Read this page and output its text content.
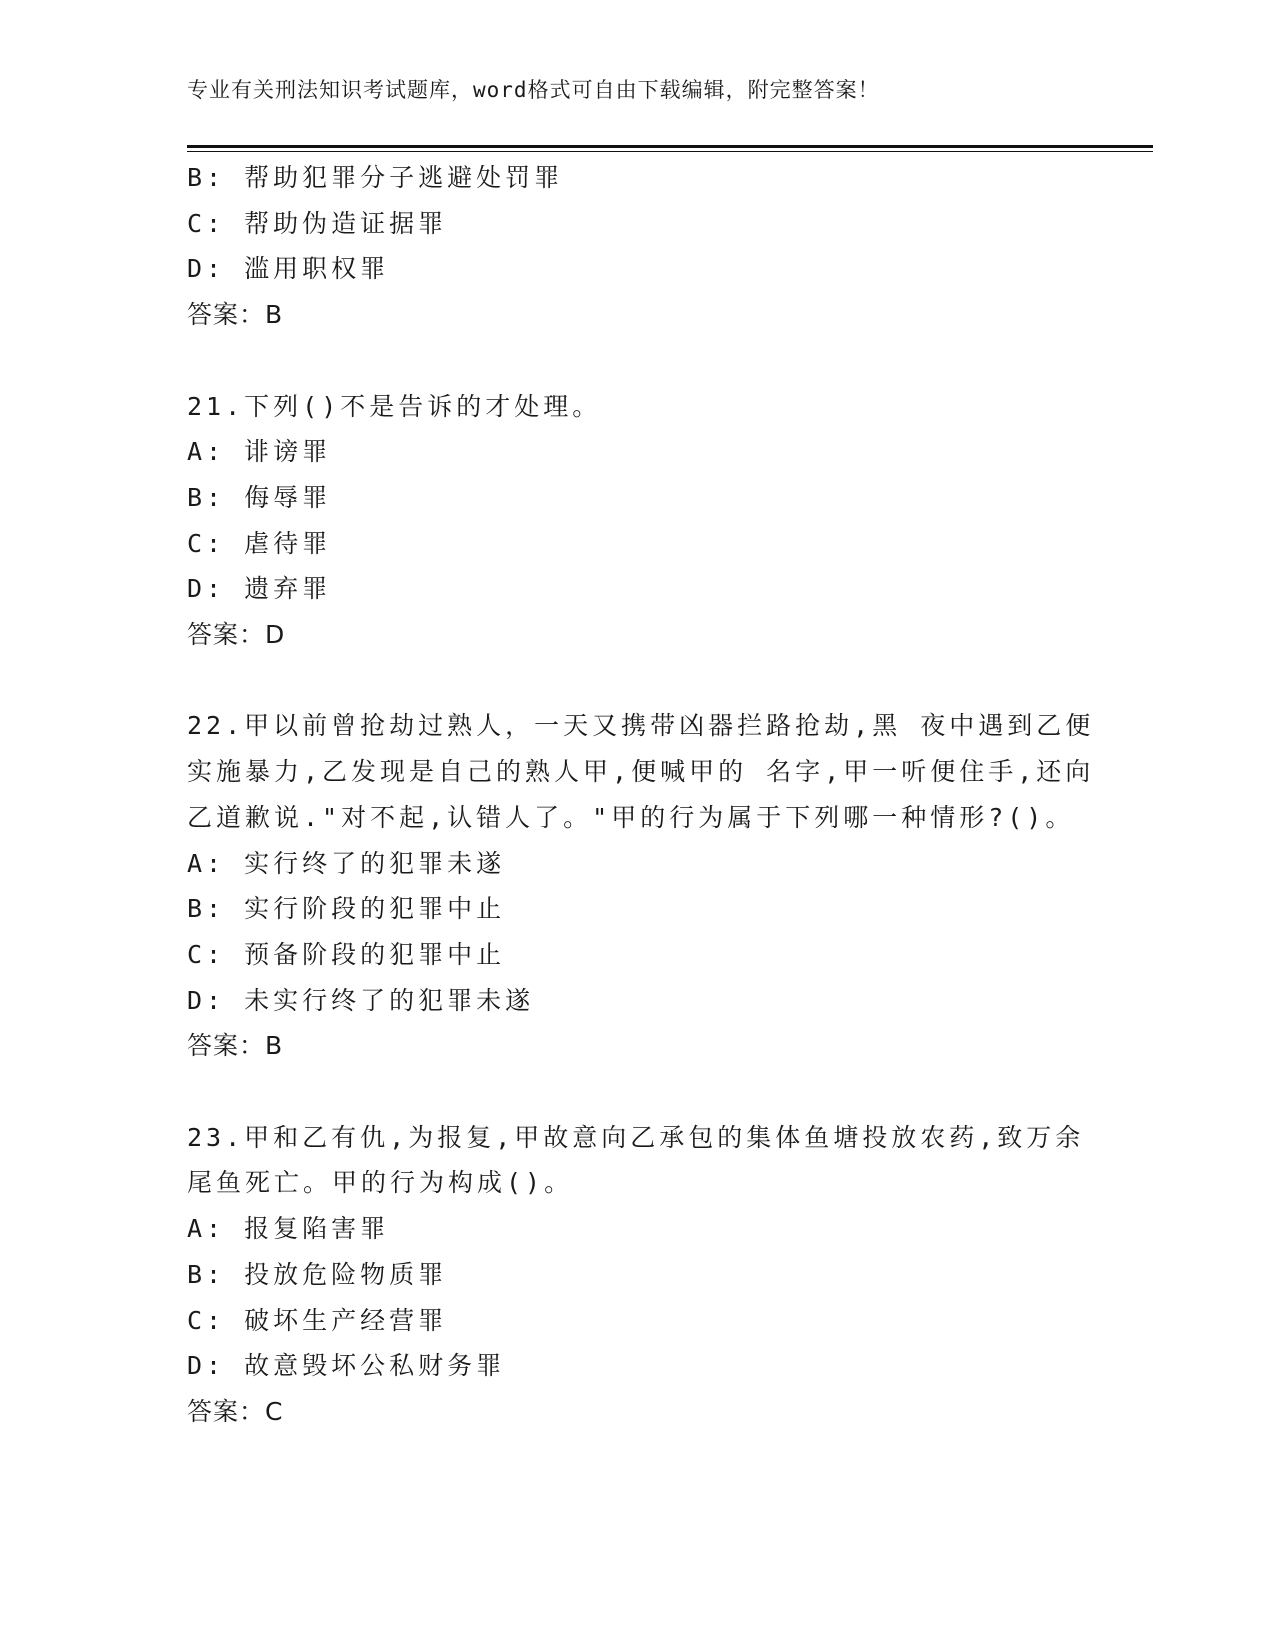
专业有关刑法知识考试题库，word格式可自由下载编辑，附完整答案！
B: 帮助犯罪分子逃避处罚罪
C: 帮助伪造证据罪
D: 滥用职权罪
答案：B
21.下列()不是告诉的才处理。
A: 诽谤罪
B: 侮辱罪
C: 虐待罪
D: 遗弃罪
答案：D
22.甲以前曾抢劫过熟人，一天又携带凶器拦路抢劫,黑 夜中遇到乙便
实施暴力,乙发现是自己的熟人甲,便喊甲的 名字,甲一听便住手,还向
乙道歉说."对不起,认错人了。"甲的行为属于下列哪一种情形?()。
A: 实行终了的犯罪未遂
B: 实行阶段的犯罪中止
C: 预备阶段的犯罪中止
D: 未实行终了的犯罪未遂
答案：B
23.甲和乙有仇,为报复,甲故意向乙承包的集体鱼塘投放农药,致万余
尾鱼死亡。甲的行为构成()。
A: 报复陷害罪
B: 投放危险物质罪
C: 破坏生产经营罪
D: 故意毁坏公私财务罪
答案：C
